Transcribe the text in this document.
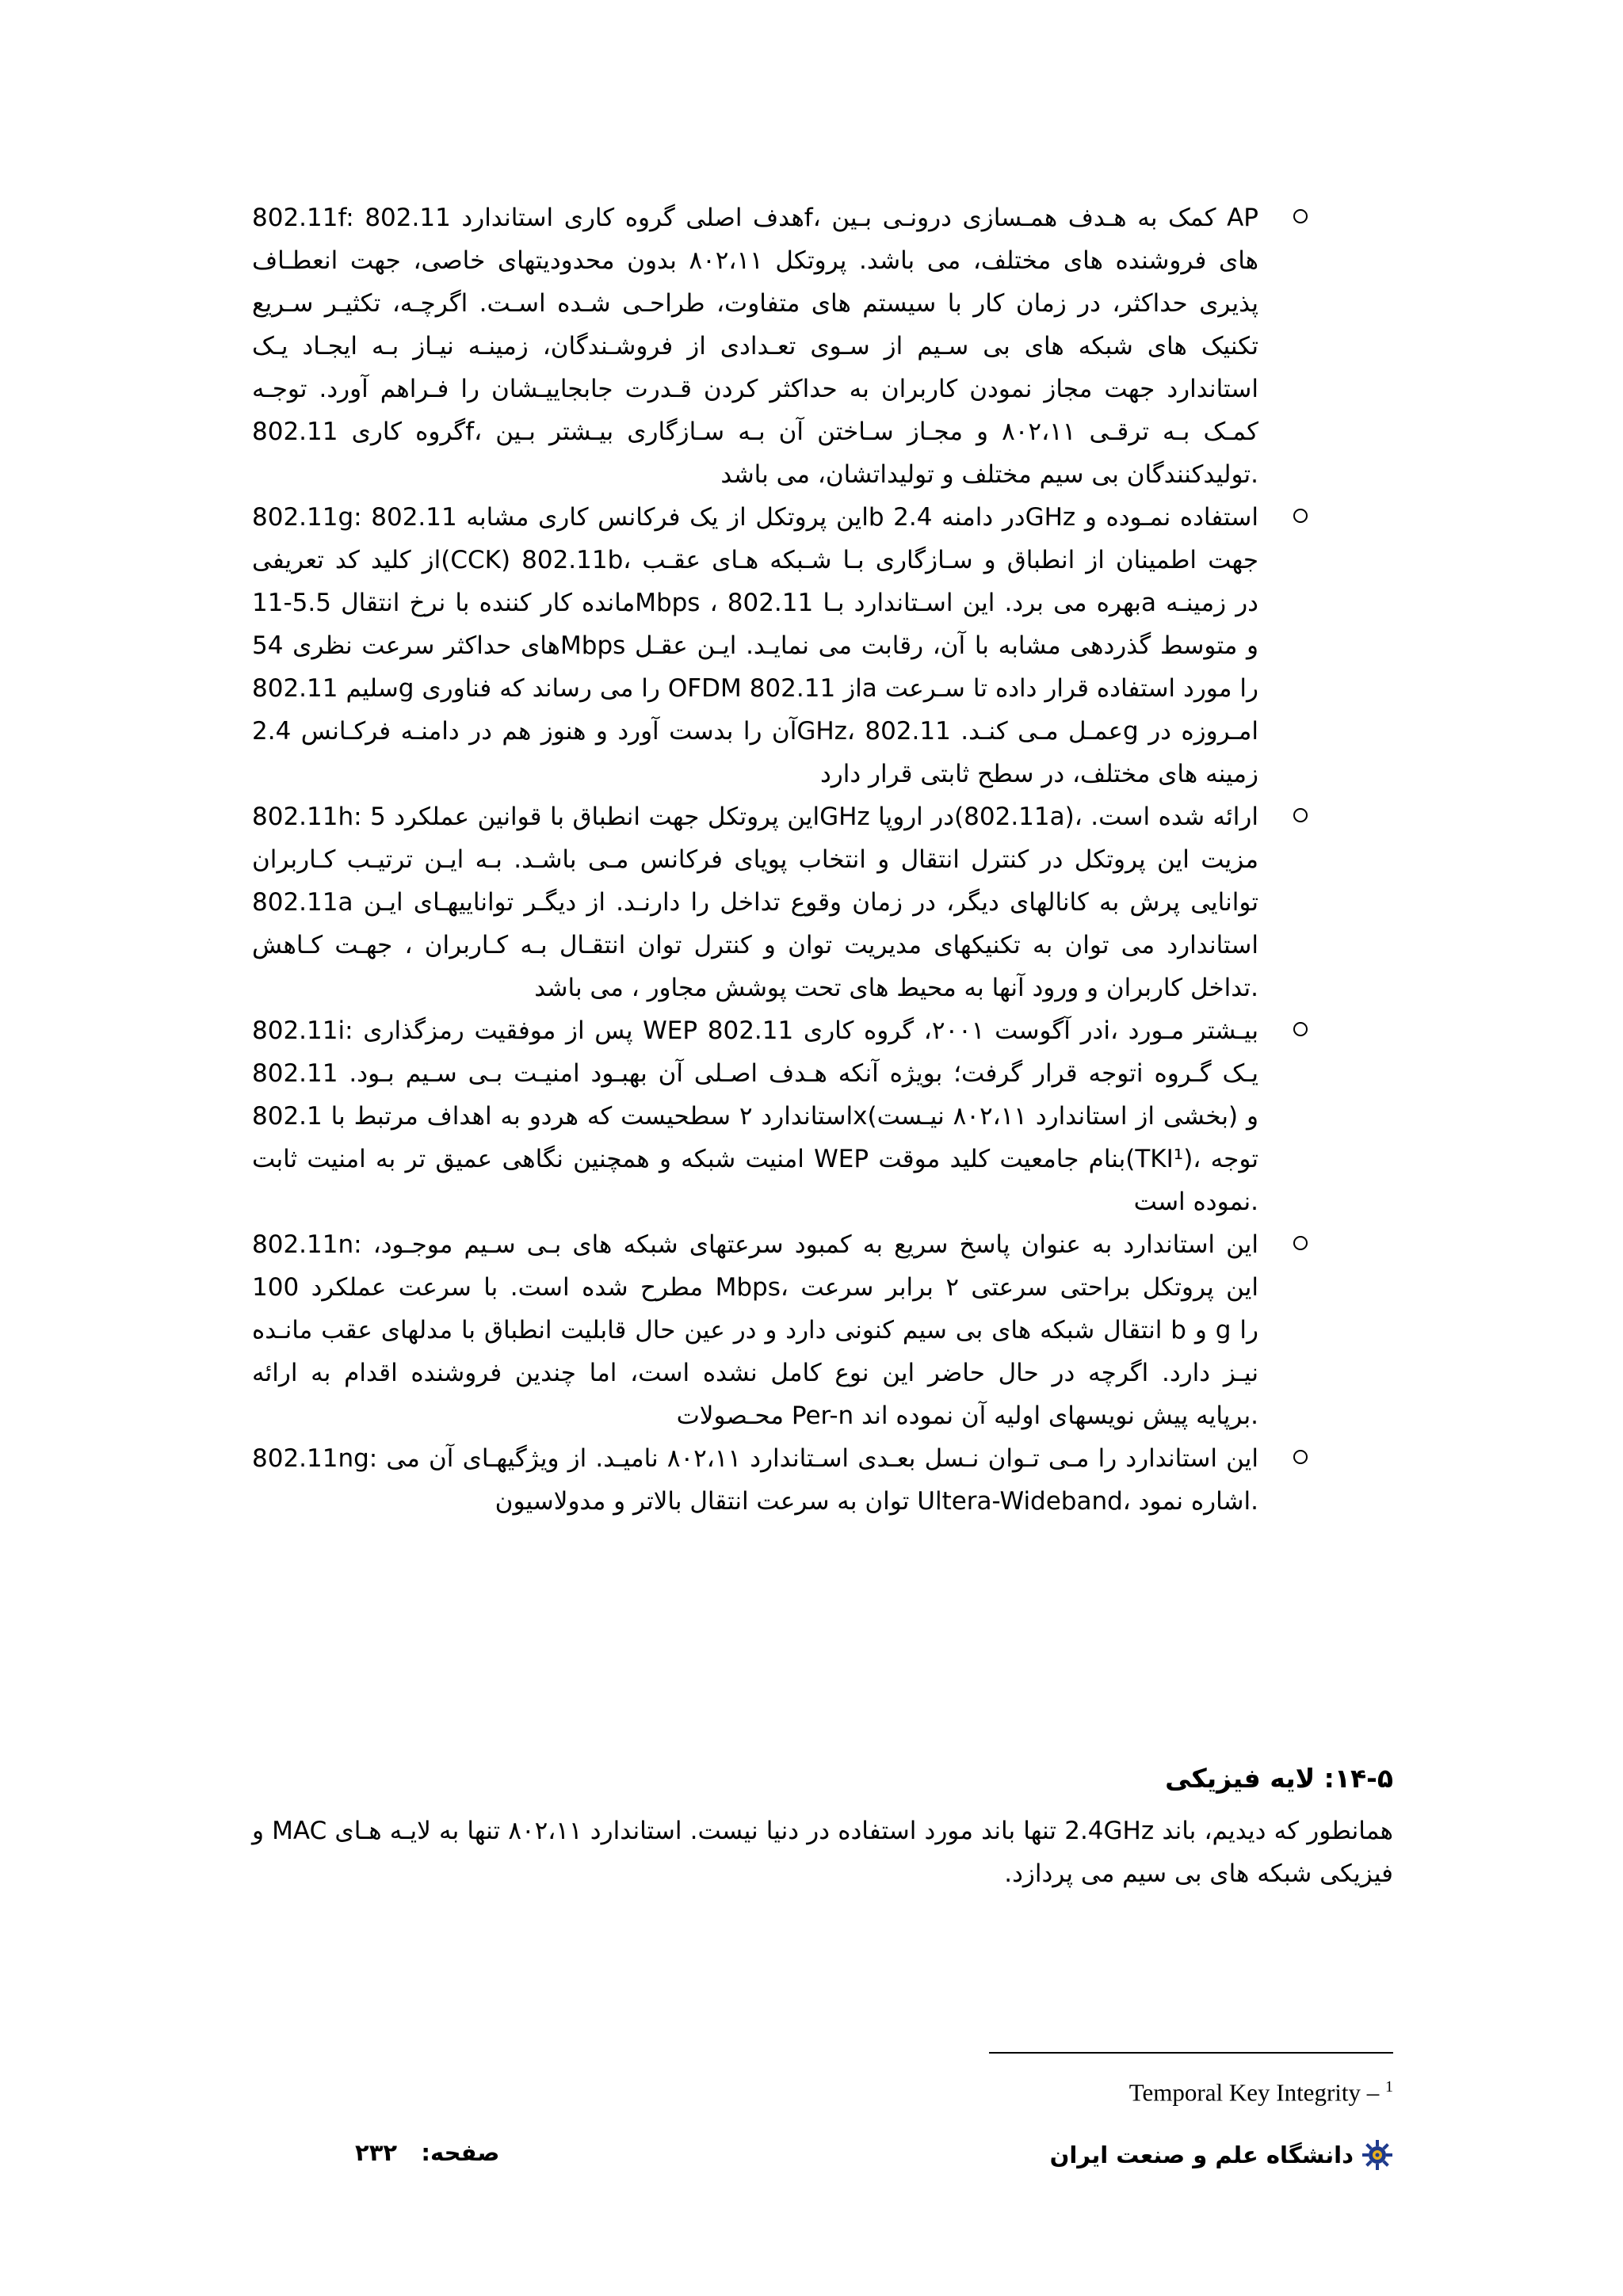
802.11f: هدف اصلی گروه کاری استاندارد 802.11f، کمک به هـدف همـسازی درونـی بـین AP های فروشنده های مختلف، می باشد. پروتکل ۸۰۲،۱۱ بدون محدودیتهای خاصی، جهت انعطـاف پذیری حداکثر، در زمان کار با سیستم های متفاوت، طراحـی شـده اسـت. اگرچـه، تکثیـر سـریع تکنیک های شبکه های بی سـیم از سـوی تعـدادی از فروشـندگان، زمینـه نیـاز بـه ایجـاد یـک استاندارد جهت مجاز نمودن کاربران به حداکثر کردن قـدرت جابجاییـشان را فـراهم آورد. توجـه گروه کاری 802.11f، کمـک بـه ترقـی ۸۰۲،۱۱ و مجـاز سـاختن آن بـه سـازگاری بیـشتر بـین تولیدکنندگان بی سیم مختلف و تولیداتشان، می باشد.
802.11g: این پروتکل از یک فرکانس کاری مشابه 802.11b در دامنه 2.4GHz استفاده نمـوده و از کلید کد تعریفی(CCK) 802.11b، جهت اطمینان از انطباق و سـازگاری بـا شـبکه هـای عقـب مانده کار کننده با نرخ انتقال 5.5-11Mbps ، بهره می برد. این اسـتاندارد بـا 802.11a در زمینـه های حداکثر سرعت نظری 54Mbps و متوسط گذردهی مشابه با آن، رقابت می نمایـد. ایـن عقـل سلیم 802.11g را می رساند که فناوری OFDM از 802.11a را مورد استفاده قرار داده تا سـرعت آن را بدست آورد و هنوز هم در دامنـه فرکـانس 2.4GHz، عمـل مـی کنـد. 802.11g امـروزه در زمینه های مختلف، در سطح ثابتی قرار دارد
802.11h: این پروتکل جهت انطباق با قوانین عملکرد 5GHz در اروپا(802.11a)، ارائه شده است. مزیت این پروتکل در کنترل انتقال و انتخاب پویای فرکانس مـی باشـد. بـه ایـن ترتیـب کـاربران 802.11a توانایی پرش به کانالهای دیگر، در زمان وقوع تداخل را دارنـد. از دیگـر تواناییهـای ایـن استاندارد می توان به تکنیکهای مدیریت توان و کنترل توان انتقـال بـه کـاربران ، جهـت کـاهش تداخل کاربران و ورود آنها به محیط های تحت پوشش مجاور ، می باشد.
802.11i: پس از موفقیت رمزگذاری WEP در آگوست ۲۰۰۱، گروه کاری 802.11i، بیـشتر مـورد توجه قرار گرفت؛ بویژه آنکه هـدف اصـلی آن بهبـود امنیـت بـی سـیم بـود. 802.11i یـک گـروه استاندارد ۲ سطحیست که هردو به اهداف مرتبط با 802.1x(بخشی از استاندارد ۸۰۲،۱۱ نیـست) و امنیت شبکه و همچنین نگاهی عمیق تر به امنیت ثابت WEP بنام جامعیت کلید موقت(TKI¹)، توجه نموده است.
802.11n: این استاندارد به عنوان پاسخ سریع به کمبود سرعتهای شبکه های بـی سـیم موجـود، مطرح شده است. با سرعت عملکرد 100 Mbps، این پروتکل براحتی سرعتی ۲ برابر سرعت انتقال شبکه های بی سیم کنونی دارد و در عین حال قابلیت انطباق با مدلهای عقب مانـده b و g را نیـز دارد. اگرچه در حال حاضر این نوع کامل نشده است، اما چندین فروشنده اقدام به ارائه محـصولات Per-n برپایه پیش نویسهای اولیه آن نموده اند.
802.11ng: این استاندارد را مـی تـوان نـسل بعـدی اسـتاندارد ۸۰۲،۱۱ نامیـد. از ویژگیهـای آن می توان به سرعت انتقال بالاتر و مدولاسیون Ultera-Wideband، اشاره نمود.
۱۴-۵: لایه فیزیکی
همانطور که دیدیم، باند 2.4GHz تنها باند مورد استفاده در دنیا نیست. استاندارد ۸۰۲،۱۱ تنها به لایـه هـای MAC و فیزیکی شبکه های بی سیم می پردازد.
Temporal Key Integrity – $^1$
دانشگاه علم و صنعت ایران
صفحه:   ۲۳۲
